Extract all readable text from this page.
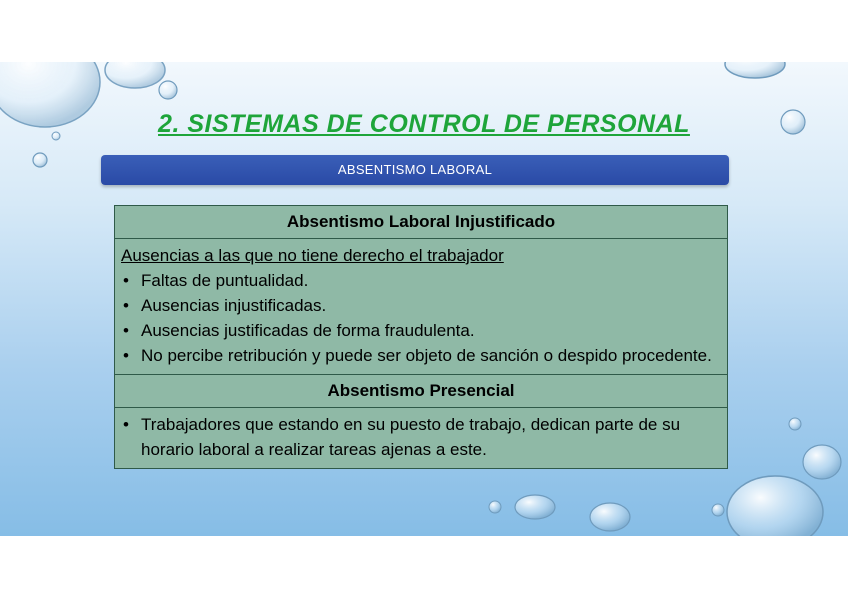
2. SISTEMAS DE CONTROL DE PERSONAL
ABSENTISMO LABORAL
Absentismo Laboral Injustificado

Ausencias a las que no tiene derecho el trabajador
• Faltas de puntualidad.
• Ausencias injustificadas.
• Ausencias justificadas de forma fraudulenta.
• No percibe retribución y puede ser objeto de sanción o despido procedente.

Absentismo Presencial

• Trabajadores que estando en su puesto de trabajo, dedican parte de su horario laboral a realizar tareas ajenas a este.
